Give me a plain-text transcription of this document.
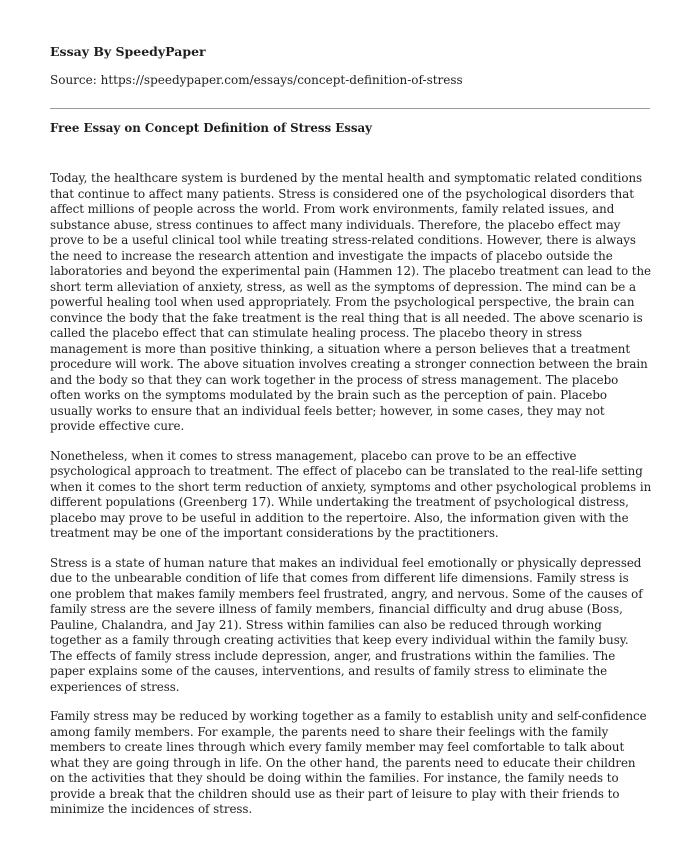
Essay By SpeedyPaper

Source: https://speedypaper.com/essays/concept-definition-of-stress

Free Essay on Concept Definition of Stress Essay

Today, the healthcare system is burdened by the mental health and symptomatic related conditions that continue to affect many patients. Stress is considered one of the psychological disorders that affect millions of people across the world. From work environments, family related issues, and substance abuse, stress continues to affect many individuals. Therefore, the placebo effect may prove to be a useful clinical tool while treating stress-related conditions. However, there is always the need to increase the research attention and investigate the impacts of placebo outside the laboratories and beyond the experimental pain (Hammen 12). The placebo treatment can lead to the short term alleviation of anxiety, stress, as well as the symptoms of depression. The mind can be a powerful healing tool when used appropriately. From the psychological perspective, the brain can convince the body that the fake treatment is the real thing that is all needed. The above scenario is called the placebo effect that can stimulate healing process. The placebo theory in stress management is more than positive thinking, a situation where a person believes that a treatment procedure will work. The above situation involves creating a stronger connection between the brain and the body so that they can work together in the process of stress management. The placebo often works on the symptoms modulated by the brain such as the perception of pain. Placebo usually works to ensure that an individual feels better; however, in some cases, they may not provide effective cure.

Nonetheless, when it comes to stress management, placebo can prove to be an effective psychological approach to treatment. The effect of placebo can be translated to the real-life setting when it comes to the short term reduction of anxiety, symptoms and other psychological problems in different populations (Greenberg 17). While undertaking the treatment of psychological distress, placebo may prove to be useful in addition to the repertoire. Also, the information given with the treatment may be one of the important considerations by the practitioners.

Stress is a state of human nature that makes an individual feel emotionally or physically depressed due to the unbearable condition of life that comes from different life dimensions. Family stress is one problem that makes family members feel frustrated, angry, and nervous. Some of the causes of family stress are the severe illness of family members, financial difficulty and drug abuse (Boss, Pauline, Chalandra, and Jay 21). Stress within families can also be reduced through working together as a family through creating activities that keep every individual within the family busy. The effects of family stress include depression, anger, and frustrations within the families. The paper explains some of the causes, interventions, and results of family stress to eliminate the experiences of stress.

Family stress may be reduced by working together as a family to establish unity and self-confidence among family members. For example, the parents need to share their feelings with the family members to create lines through which every family member may feel comfortable to talk about what they are going through in life. On the other hand, the parents need to educate their children on the activities that they should be doing within the families. For instance, the family needs to provide a break that the children should use as their part of leisure to play with their friends to minimize the incidences of stress.
